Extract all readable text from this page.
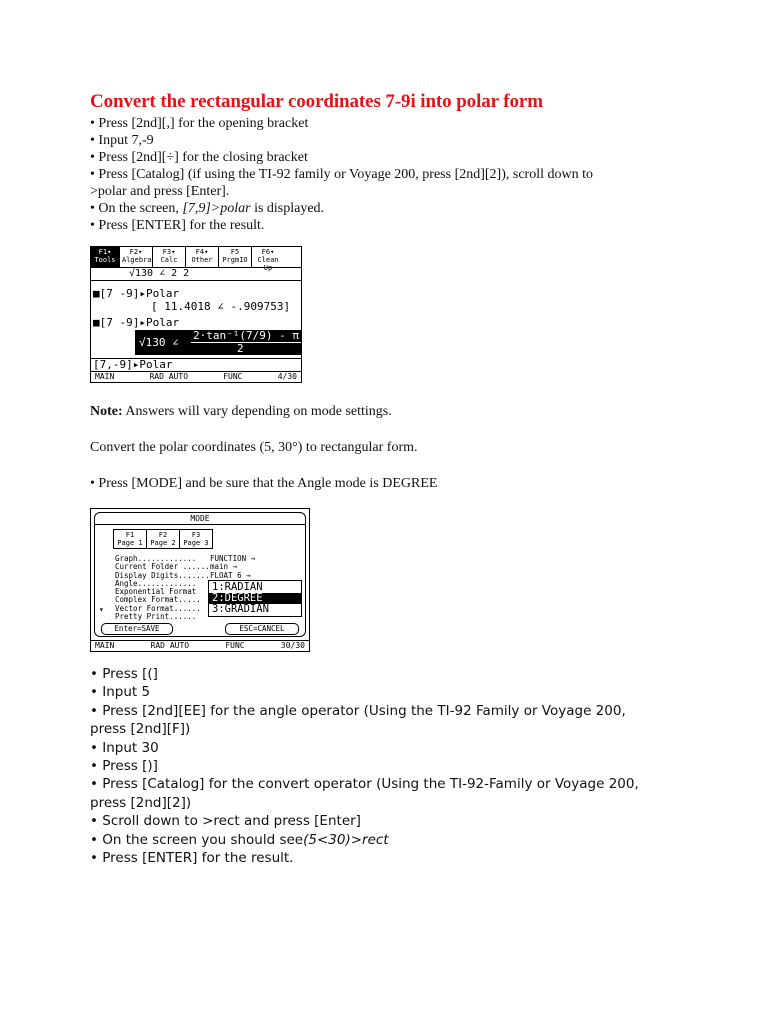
Convert the rectangular coordinates 7-9i into polar form
• Press [2nd][,] for the opening bracket
• Input 7,-9
• Press [2nd][÷] for the closing bracket
• Press [Catalog] (if using the TI-92 family or Voyage 200, press [2nd][2]), scroll down to
>polar and press [Enter].
• On the screen, [7,9]>polar is displayed.
• Press [ENTER] for the result.
F1▾ Tools
F2▾ Algebra
F3▾ Calc
F4▾ Other
F5 PrgmIO
F6▾ Clean Up
√130 ∠ 2 2
■[7 -9]▸Polar
[ 11.4018 ∠ -.909753]
■[7 -9]▸Polar
√130 ∠
2·tan⁻¹(7/9) - π
2
[7,-9]▸Polar
MAIN	RAD AUTO	FUNC	4/30
Note: Answers will vary depending on mode settings.
Convert the polar coordinates (5, 30°) to rectangular form.
• Press [MODE] and be sure that the Angle mode is DEGREE
MODE
F1
Page 1
F2
Page 2
F3
Page 3
Graph.............
Current Folder ......
Display Digits.......
Angle.............
Exponential Format
Complex Format.....
Vector Format......
Pretty Print......
▾
FUNCTION →
main →
FLOAT 6 →
1:RADIAN
2:DEGREE
3:GRADIAN
Enter=SAVE	ESC=CANCEL
MAIN	RAD AUTO	FUNC	30/30
• Press [(]
• Input 5
• Press [2nd][EE] for the angle operator (Using the TI-92 Family or Voyage 200,
press [2nd][F])
• Input 30
• Press [)]
• Press [Catalog] for the convert operator (Using the TI-92-Family or Voyage 200,
press [2nd][2])
• Scroll down to >rect and press [Enter]
• On the screen you should see(5<30)>rect
• Press [ENTER] for the result.
